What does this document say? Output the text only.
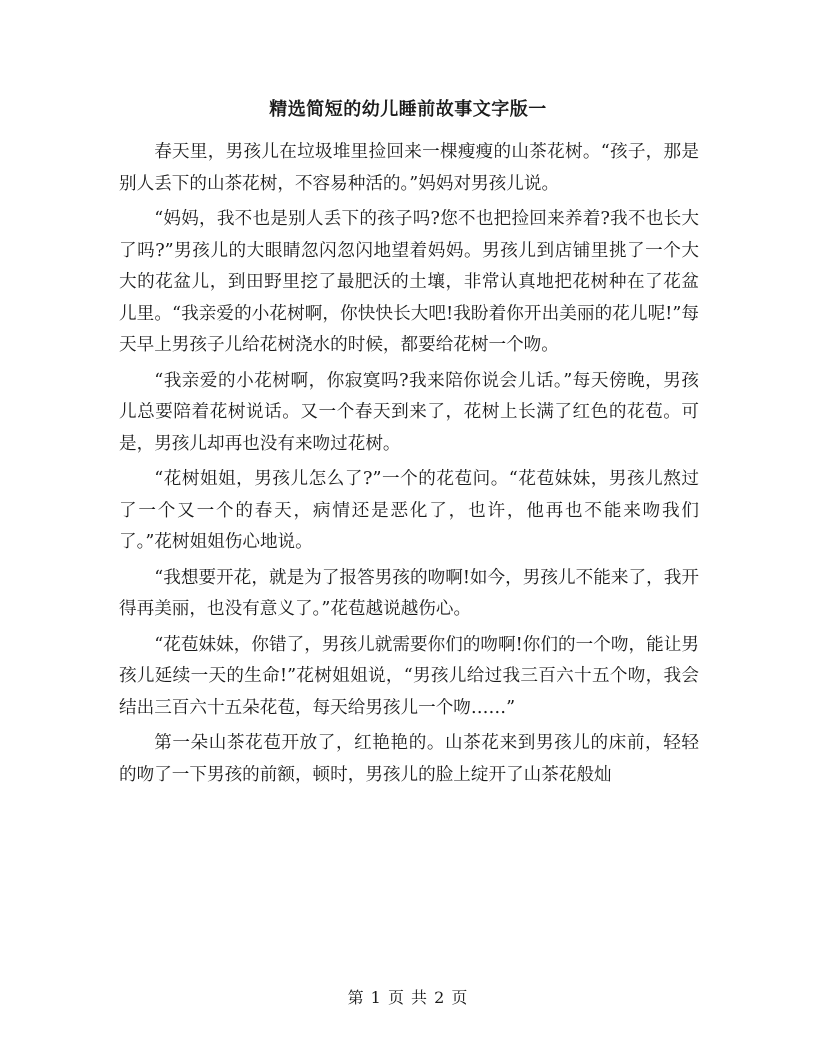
精选简短的幼儿睡前故事文字版一

春天里，男孩儿在垃圾堆里捡回来一棵瘦瘦的山茶花树。“孩子，那是别人丢下的山茶花树，不容易种活的。”妈妈对男孩儿说。

“妈妈，我不也是别人丢下的孩子吗?您不也把捡回来养着?我不也长大了吗?”男孩儿的大眼睛忽闪忽闪地望着妈妈。男孩儿到店铺里挑了一个大大的花盆儿，到田野里挖了最肥沃的土壤，非常认真地把花树种在了花盆儿里。“我亲爱的小花树啊，你快快长大吧!我盼着你开出美丽的花儿呢!”每天早上男孩子儿给花树浇水的时候，都要给花树一个吻。

“我亲爱的小花树啊，你寂寞吗?我来陪你说会儿话。”每天傍晚，男孩儿总要陪着花树说话。又一个春天到来了，花树上长满了红色的花苞。可是，男孩儿却再也没有来吻过花树。

“花树姐姐，男孩儿怎么了?”一个的花苞问。“花苞妹妹，男孩儿熬过了一个又一个的春天，病情还是恶化了，也许，他再也不能来吻我们了。”花树姐姐伤心地说。

“我想要开花，就是为了报答男孩的吻啊!如今，男孩儿不能来了，我开得再美丽，也没有意义了。”花苞越说越伤心。

“花苞妹妹，你错了，男孩儿就需要你们的吻啊!你们的一个吻，能让男孩儿延续一天的生命!”花树姐姐说，“男孩儿给过我三百六十五个吻，我会结出三百六十五朵花苞，每天给男孩儿一个吻……”

第一朵山茶花苞开放了，红艳艳的。山茶花来到男孩儿的床前，轻轻的吻了一下男孩的前额，顿时，男孩儿的脸上绽开了山茶花般灿

第 1 页 共 2 页
